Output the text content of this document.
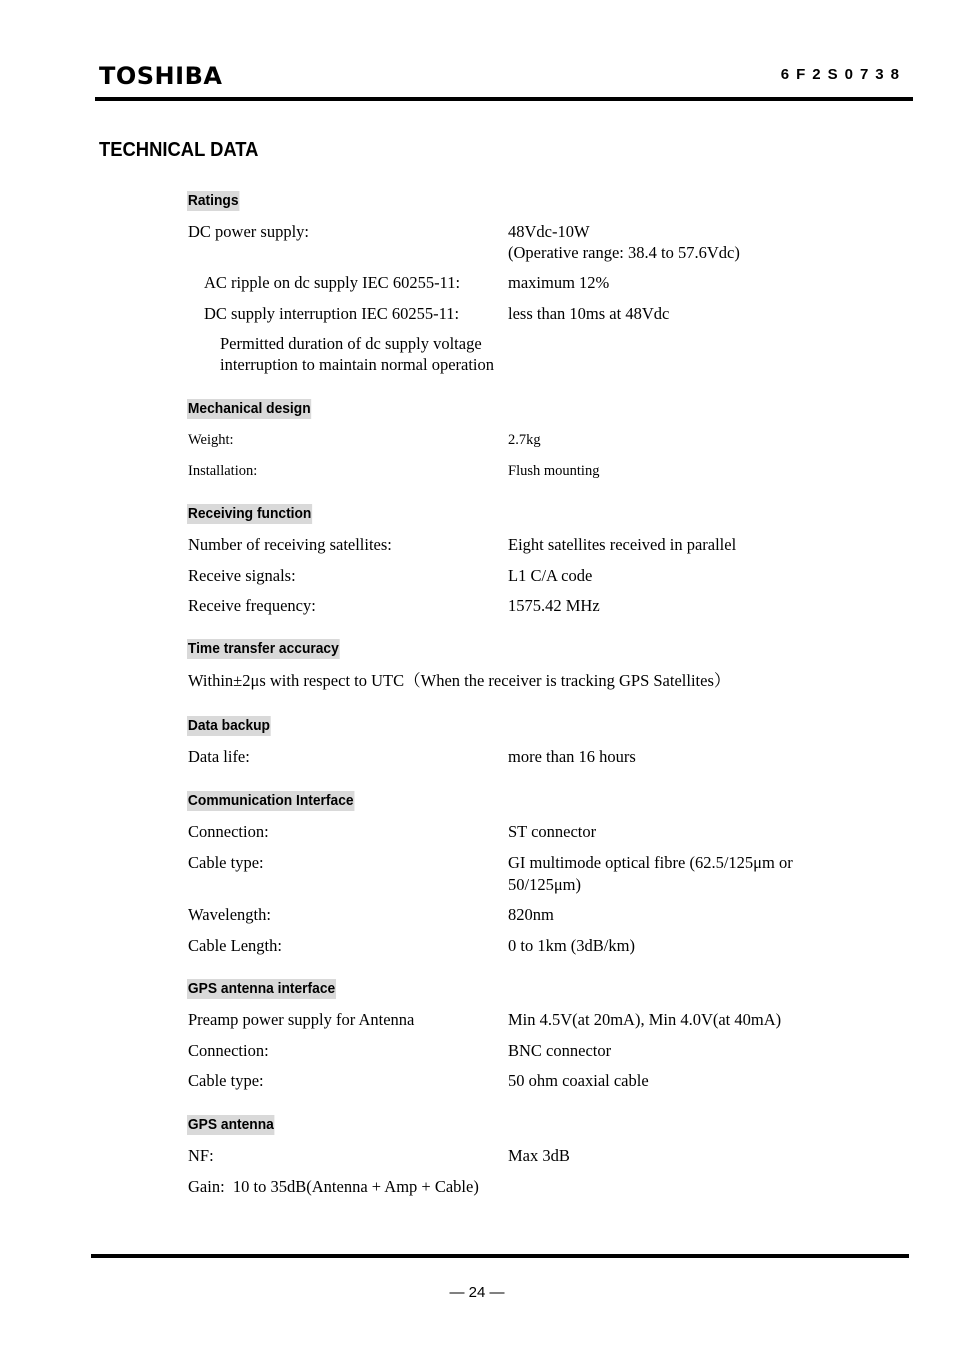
TOSHIBA	6F2S0738
TECHNICAL DATA
Ratings
DC power supply:	48Vdc-10W
(Operative range: 38.4 to 57.6Vdc)
AC ripple on dc supply IEC 60255-11:	maximum 12%
DC supply interruption IEC 60255-11:	less than 10ms at 48Vdc
Permitted duration of dc supply voltage
interruption to maintain normal operation
Mechanical design
Weight:	2.7kg
Installation:	Flush mounting
Receiving function
Number of receiving satellites:	Eight satellites received in parallel
Receive signals:	L1 C/A code
Receive frequency:	1575.42 MHz
Time transfer accuracy
Within±2μs with respect to UTC（When the receiver is tracking GPS Satellites）
Data backup
Data life:	more than 16 hours
Communication Interface
Connection:	ST connector
Cable type:	GI multimode optical fibre (62.5/125μm or
50/125μm)
Wavelength:	820nm
Cable Length:	0 to 1km (3dB/km)
GPS antenna interface
Preamp power supply for Antenna	Min 4.5V(at 20mA), Min 4.0V(at 40mA)
Connection:	BNC connector
Cable type:	50 ohm coaxial cable
GPS antenna
NF:	Max 3dB
Gain:  10 to 35dB(Antenna + Amp + Cable)
— 24 —
